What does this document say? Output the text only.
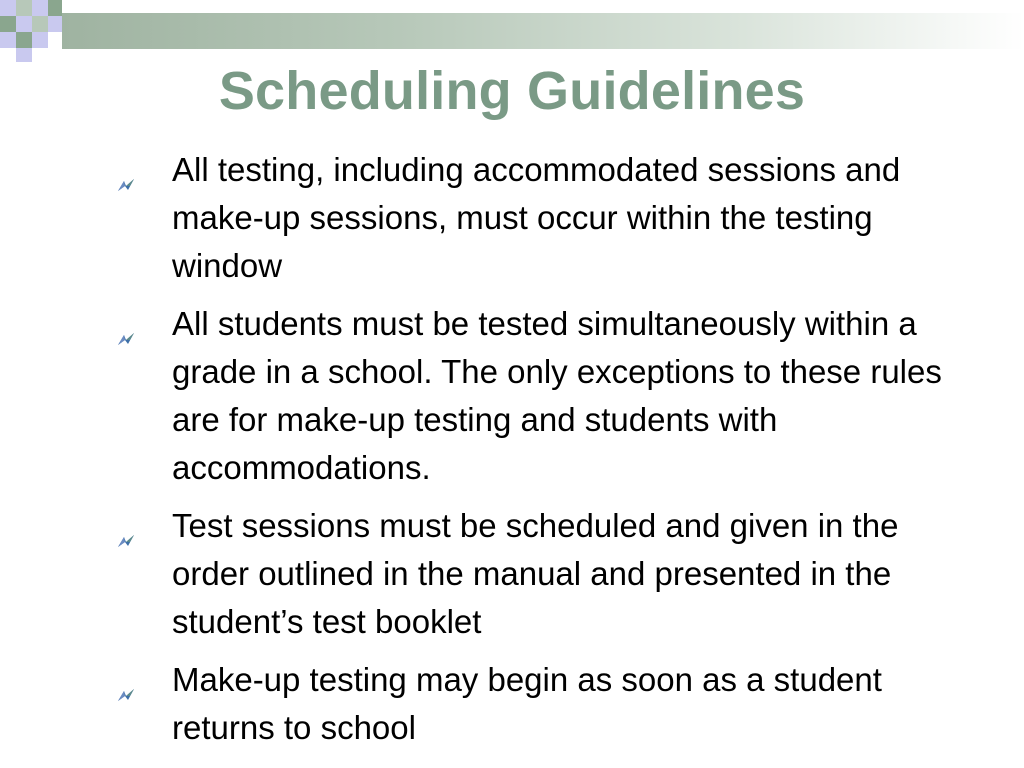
Scheduling Guidelines
All testing, including accommodated sessions and make-up sessions, must occur within the testing window
All students must be tested simultaneously within a grade in a school. The only exceptions to these rules are for make-up testing and students with accommodations.
Test sessions must be scheduled and given in the order outlined in the manual and presented in the student’s test booklet
Make-up testing may begin as soon as a student returns to school
